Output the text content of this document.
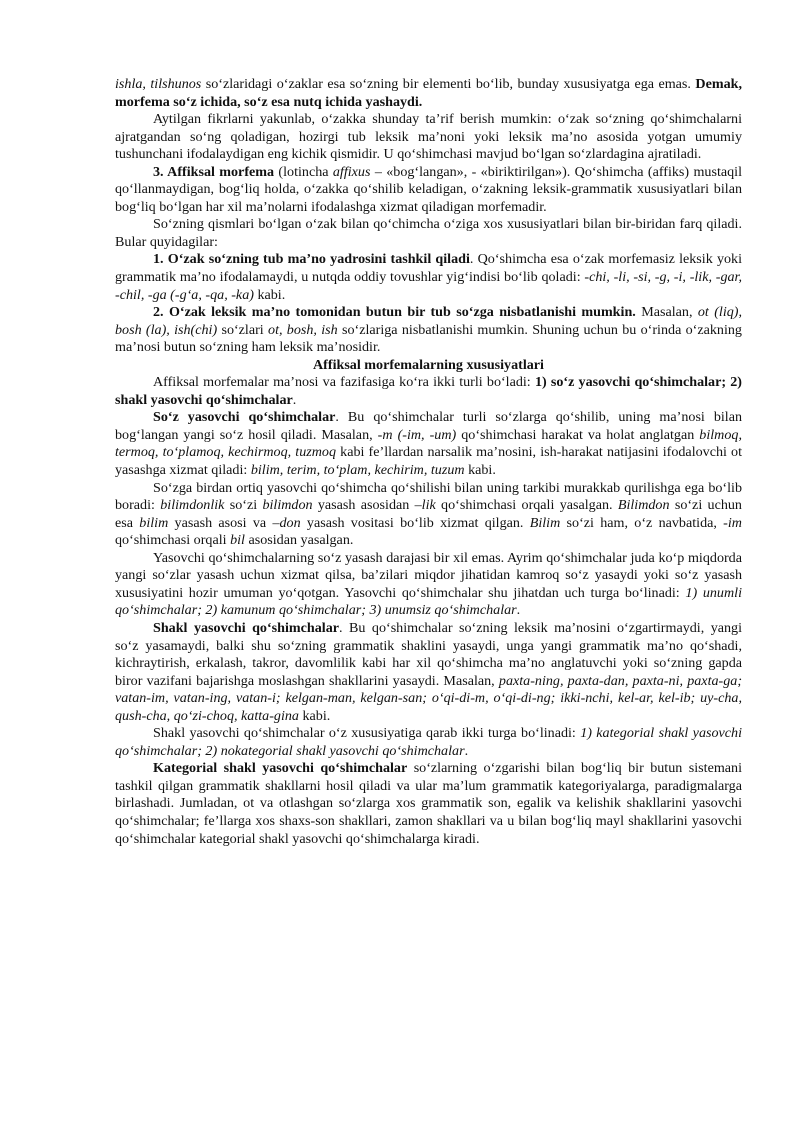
ishla, tilshunos so‘zlaridagi o‘zaklar esa so‘zning bir elementi bo‘lib, bunday xususiyatga ega emas. Demak, morfema so‘z ichida, so‘z esa nutq ichida yashaydi.

Aytilgan fikrlarni yakunlab, o‘zakka shunday ta’rif berish mumkin: o‘zak so‘zning qo‘shimchalarni ajratgandan so‘ng qoladigan, hozirgi tub leksik ma’noni yoki leksik ma’no asosida yotgan umumiy tushunchani ifodalaydigan eng kichik qismidir. U qo‘shimchasi mavjud bo‘lgan so‘zlardagina ajratiladi.

3. Affiksal morfema (lotincha affixus – «bog‘langan», - «biriktirilgan»). Qo‘shimcha (affiks) mustaqil qo‘llanmaydigan, bog‘liq holda, o‘zakka qo‘shilib keladigan, o‘zakning leksik-grammatik xususiyatlari bilan bog‘liq bo‘lgan har xil ma’nolarni ifodalashga xizmat qiladigan morfemadir.

So‘zning qismlari bo‘lgan o‘zak bilan qo‘chimcha o‘ziga xos xususiyatlari bilan bir-biridan farq qiladi. Bular quyidagilar:

1. O‘zak so‘zning tub ma’no yadrosini tashkil qiladi. Qo‘shimcha esa o‘zak morfemasiz leksik yoki grammatik ma’no ifodalamaydi, u nutqda oddiy tovushlar yig‘indisi bo‘lib qoladi: -chi, -li, -si, -g, -i, -lik, -gar, -chil, -ga (-g‘a, -qa, -ka) kabi.

2. O‘zak leksik ma’no tomonidan butun bir tub so‘zga nisbatlanishi mumkin. Masalan, ot (liq), bosh (la), ish(chi) so‘zlari ot, bosh, ish so‘zlariga nisbatlanishi mumkin. Shuning uchun bu o‘rinda o‘zakning ma’nosi butun so‘zning ham leksik ma’nosidir.

Affiksal morfemalarning xususiyatlari

Affiksal morfemalar ma’nosi va fazifasiga ko‘ra ikki turli bo‘ladi: 1) so‘z yasovchi qo‘shimchalar; 2) shakl yasovchi qo‘shimchalar.

So‘z yasovchi qo‘shimchalar. Bu qo‘shimchalar turli so‘zlarga qo‘shilib, uning ma’nosi bilan bog‘langan yangi so‘z hosil qiladi. Masalan, -m (-im, -um) qo‘shimchasi harakat va holat anglatgan bilmoq, termoq, to‘plamoq, kechirmoq, tuzmoq kabi fe’llardan narsalik ma’nosini, ish-harakat natijasini ifodalovchi ot yasashga xizmat qiladi: bilim, terim, to‘plam, kechirim, tuzum kabi.

So‘zga birdan ortiq yasovchi qo‘shimcha qo‘shilishi bilan uning tarkibi murakkab qurilishga ega bo‘lib boradi: bilimdonlik so‘zi bilimdon yasash asosidan –lik qo‘shimchasi orqali yasalgan. Bilimdon so‘zi uchun esa bilim yasash asosi va –don yasash vositasi bo‘lib xizmat qilgan. Bilim so‘zi ham, o‘z navbatida, -im qo‘shimchasi orqali bil asosidan yasalgan.

Yasovchi qo‘shimchalarning so‘z yasash darajasi bir xil emas. Ayrim qo‘shimchalar juda ko‘p miqdorda yangi so‘zlar yasash uchun xizmat qilsa, ba’zilari miqdor jihatidan kamroq so‘z yasaydi yoki so‘z yasash xususiyatini hozir umuman yo‘qotgan. Yasovchi qo‘shimchalar shu jihatdan uch turga bo‘linadi: 1) unumli qo‘shimchalar; 2) kamunum qo‘shimchalar; 3) unumsiz qo‘shimchalar.

Shakl yasovchi qo‘shimchalar. Bu qo‘shimchalar so‘zning leksik ma’nosini o‘zgartirmaydi, yangi so‘z yasamaydi, balki shu so‘zning grammatik shaklini yasaydi, unga yangi grammatik ma’no qo‘shadi, kichraytirish, erkalash, takror, davomlilik kabi har xil qo‘shimcha ma’no anglatuvchi yoki so‘zning gapda biror vazifani bajarishga moslashgan shakllarini yasaydi. Masalan, paxta-ning, paxta-dan, paxta-ni, paxta-ga; vatan-im, vatan-ing, vatan-i; kelgan-man, kelgan-san; o‘qi-di-m, o‘qi-di-ng; ikki-nchi, kel-ar, kel-ib; uy-cha, qush-cha, qo‘zi-choq, katta-gina kabi.

Shakl yasovchi qo‘shimchalar o‘z xususiyatiga qarab ikki turga bo‘linadi: 1) kategorial shakl yasovchi qo‘shimchalar; 2) nokategorial shakl yasovchi qo‘shimchalar.

Kategorial shakl yasovchi qo‘shimchalar so‘zlarning o‘zgarishi bilan bog‘liq bir butun sistemani tashkil qilgan grammatik shakllarni hosil qiladi va ular ma’lum grammatik kategoriyalarga, paradigmalarga birlashadi. Jumladan, ot va otlashgan so‘zlarga xos grammatik son, egalik va kelishik shakllarini yasovchi qo‘shimchalar; fe’llarga xos shaxs-son shakllari, zamon shakllari va u bilan bog‘liq mayl shakllarini yasovchi qo‘shimchalar kategorial shakl yasovchi qo‘shimchalarga kiradi.
